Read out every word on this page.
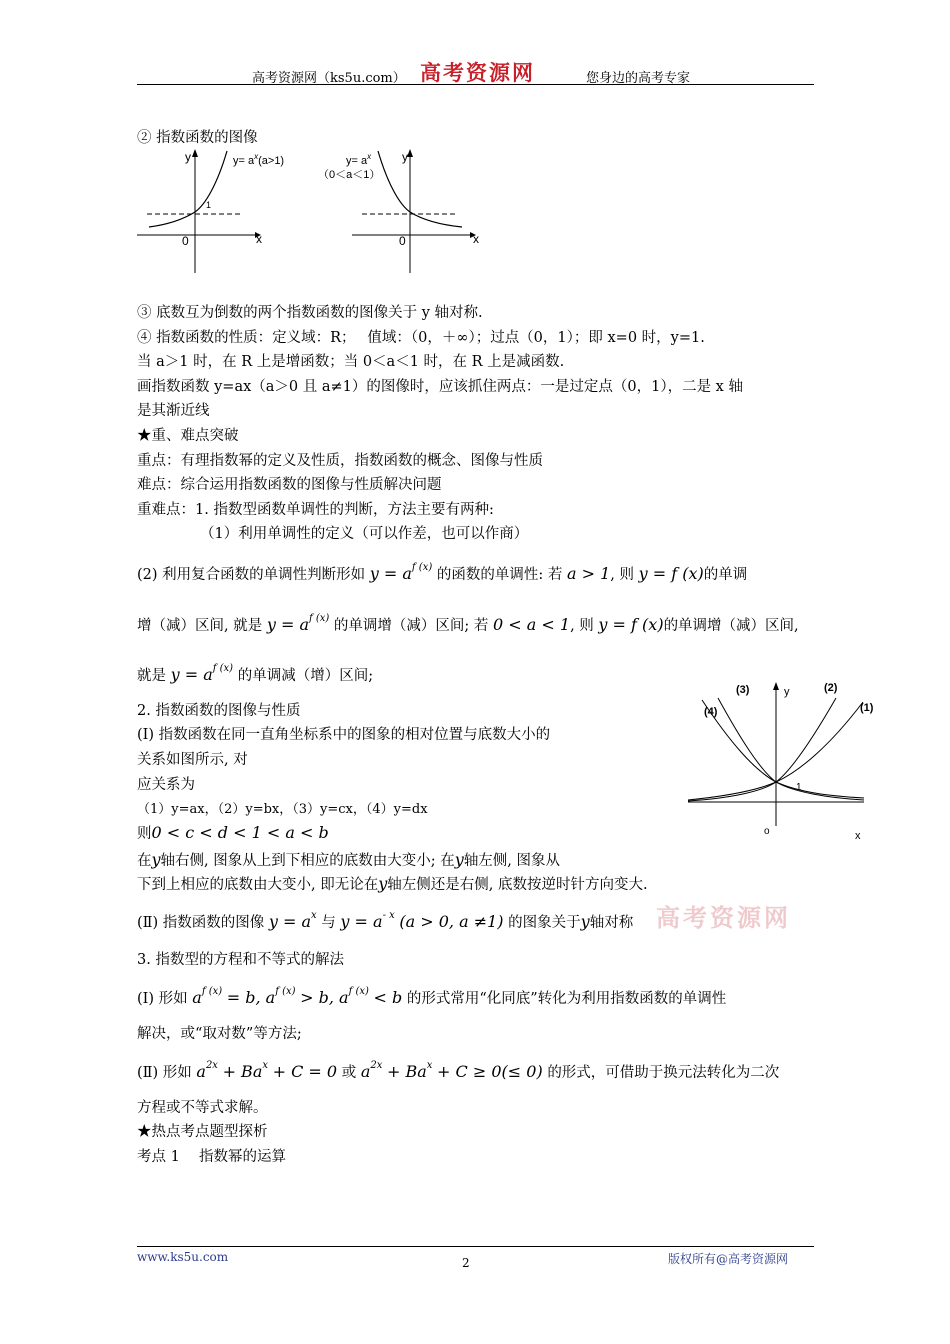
高考资源网（ks5u.com） 高考资源网	您身边的高考专家
② 指数函数的图像
y	$y= a^x(a>1)$
0	x
1
y
$y= a^x$
（0＜a＜1）
0	x
③ 底数互为倒数的两个指数函数的图像关于 y 轴对称.
④ 指数函数的性质：定义域：R；　 值域：（0，＋∞）；过点（0，1）；即 x=0 时，y=1.
当 a＞1 时，在 R 上是增函数；当 0＜a＜1 时，在 R 上是减函数.
画指数函数 y=ax（a＞0 且 a≠1）的图像时，应该抓住两点：一是过定点（0，1），二是 x 轴
是其渐近线
★重、难点突破
重点：有理指数幂的定义及性质，指数函数的概念、图像与性质
难点：综合运用指数函数的图像与性质解决问题
重难点：1. 指数型函数单调性的判断，方法主要有两种:
（1）利用单调性的定义（可以作差，也可以作商）
(2) 利用复合函数的单调性判断形如 $y = a^{f (x)}$ 的函数的单调性: 若 a > 1, 则 y = f (x)的单调
增（减）区间, 就是 $y = a^{f (x)}$ 的单调增（减）区间; 若 0 < a < 1, 则 y = f (x)的单调增（减）区间,
就是 $y = a^{f (x)}$ 的单调减（增）区间;
2. 指数函数的图像与性质
(Ⅰ) 指数函数在同一直角坐标系中的图象的相对位置与底数大小的
关系如图所示, 对
应关系为
（1）y=ax，（2）y=bx，（3）y=cx，（4）y=dx
则0 < c < d < 1 < a < b
在y轴右侧, 图象从上到下相应的底数由大变小; 在y轴左侧, 图象从
下到上相应的底数由大变小, 即无论在y轴左侧还是右侧, 底数按逆时针方向变大.
(Ⅱ) 指数函数的图像 $y = a^x$ 与 $y = a^{- x}$ (a > 0, a ≠1) 的图象关于y轴对称 高考资源网
(3)	(2)
(4)	(1)
y
x
o
1
3. 指数型的方程和不等式的解法
(Ⅰ) 形如 $a^{f (x)} = b$, $a^{f (x)} > b$, $a^{f (x)} < b$ 的形式常用“化同底”转化为利用指数函数的单调性
解决，或“取对数”等方法;
(Ⅱ) 形如 $a^{2x} + Ba^x + C = 0$ 或 $a^{2x} + Ba^x + C \ge 0(\le 0)$ 的形式，可借助于换元法转化为二次
方程或不等式求解。
★热点考点题型探析
考点 1　 指数幂的运算
www.ks5u.com	2	版权所有@高考资源网
